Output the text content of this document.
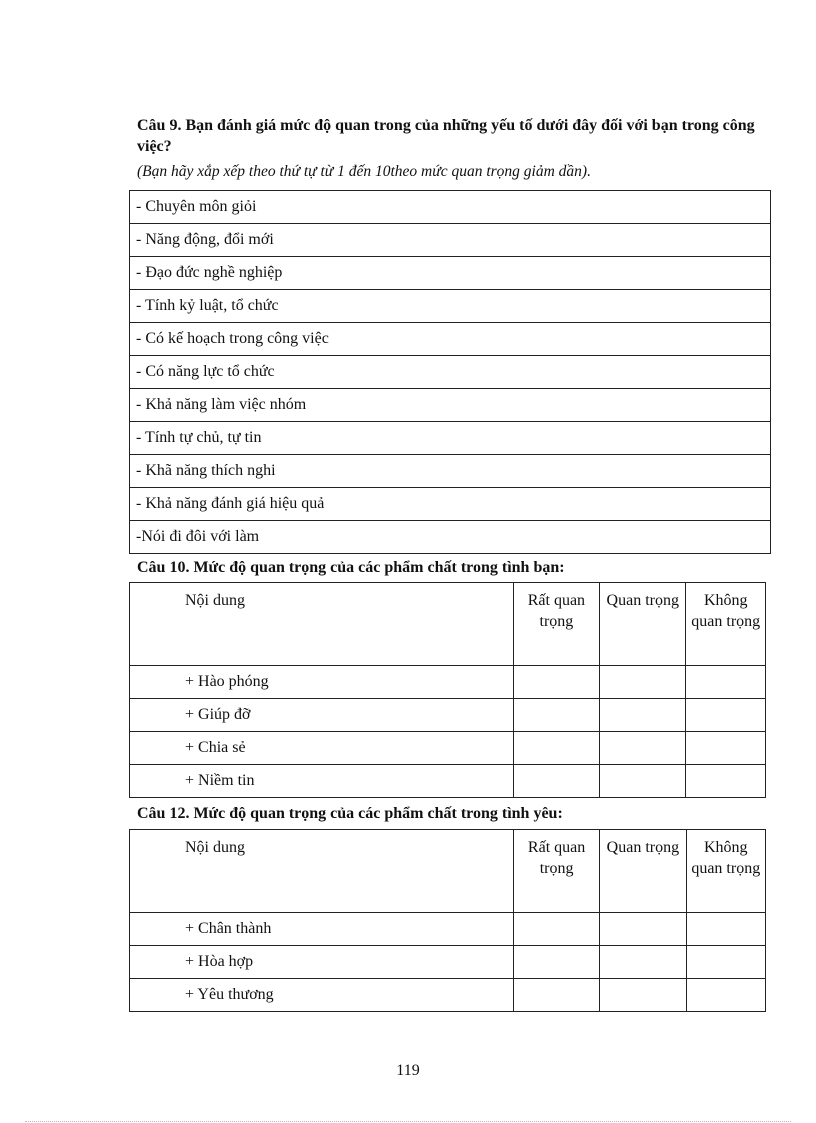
Câu 9. Bạn đánh giá mức độ quan trong của những yếu tố dưới đây đối với bạn trong công việc?

(Bạn hãy xắp xếp theo thứ tự từ 1 đến 10theo mức quan trọng giảm dần).

- Chuyên môn giỏi
- Năng động, đổi mới
- Đạo đức nghề nghiệp
- Tính kỷ luật, tổ chức
- Có kế hoạch trong công việc
- Có năng lực tổ chức
- Khả năng làm việc nhóm
- Tính tự chủ, tự tin
- Khã năng thích nghi
- Khả năng đánh giá hiệu quả
-Nói đi đôi với làm

Câu 10. Mức độ quan trọng của các phẩm chất trong tình bạn:

Nội dung	Rất quan trọng	Quan trọng	Không quan trọng
+ Hào phóng			
+ Giúp đỡ			
+ Chia sẻ			
+ Niềm tin			

Câu 12. Mức độ quan trọng của các phẩm chất trong tình yêu:

Nội dung	Rất quan trọng	Quan trọng	Không quan trọng
+ Chân thành			
+ Hòa hợp			
+ Yêu thương			

119
